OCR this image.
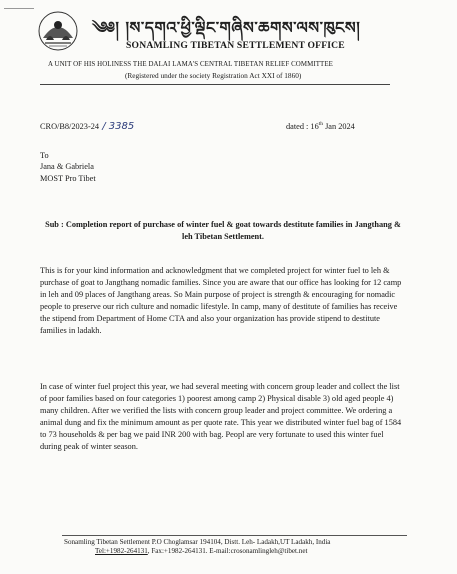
༄༅། །ས་དགའ་ཕྱི་ལྡིང་གཞིས་ཆགས་ལས་ཁུངས།
SONAMLING TIBETAN SETTLEMENT OFFICE
A UNIT OF HIS HOLINESS THE DALAI LAMA'S CENTRAL TIBETAN RELIEF COMMITTEE
(Registered under the society Registration Act XXI of 1860)
CRO/B8/2023-24 / 3385	dated : 16th Jan 2024
To
Jana & Gabriela
MOST Pro Tibet
Sub : Completion report of purchase of winter fuel & goat towards destitute families in Jangthang & leh Tibetan Settlement.
This is for your kind information and acknowledgment that we completed project for winter fuel to leh & purchase of goat to Jangthang nomadic families. Since you are aware that our office has looking for 12 camp in leh and 09 places of Jangthang areas. So Main purpose of project is strength & encouraging for nomadic people to preserve our rich culture and nomadic lifestyle. In camp, many of destitute of families has receive the stipend from Department of Home CTA and also your organization has provide stipend to destitute families in ladakh.
In case of winter fuel project this year, we had several meeting with concern group leader and collect the list of poor families based on four categories 1) poorest among camp 2) Physical disable 3) old aged people 4) many children. After we verified the lists with concern group leader and project committee. We ordering a animal dung and fix the minimum amount as per quote rate. This year we distributed winter fuel bag of 1584 to 73 households & per bag we paid INR 200 with bag. Peopl are very fortunate to used this winter fuel during peak of winter season.
Sonamling Tibetan Settlement P.O Choglamsar 194104, Distt. Leh- Ladakh,UT Ladakh, India
Tel:+1982-264131, Fax:+1982-264131. E-mail:crosonamlingleh@tibet.net
